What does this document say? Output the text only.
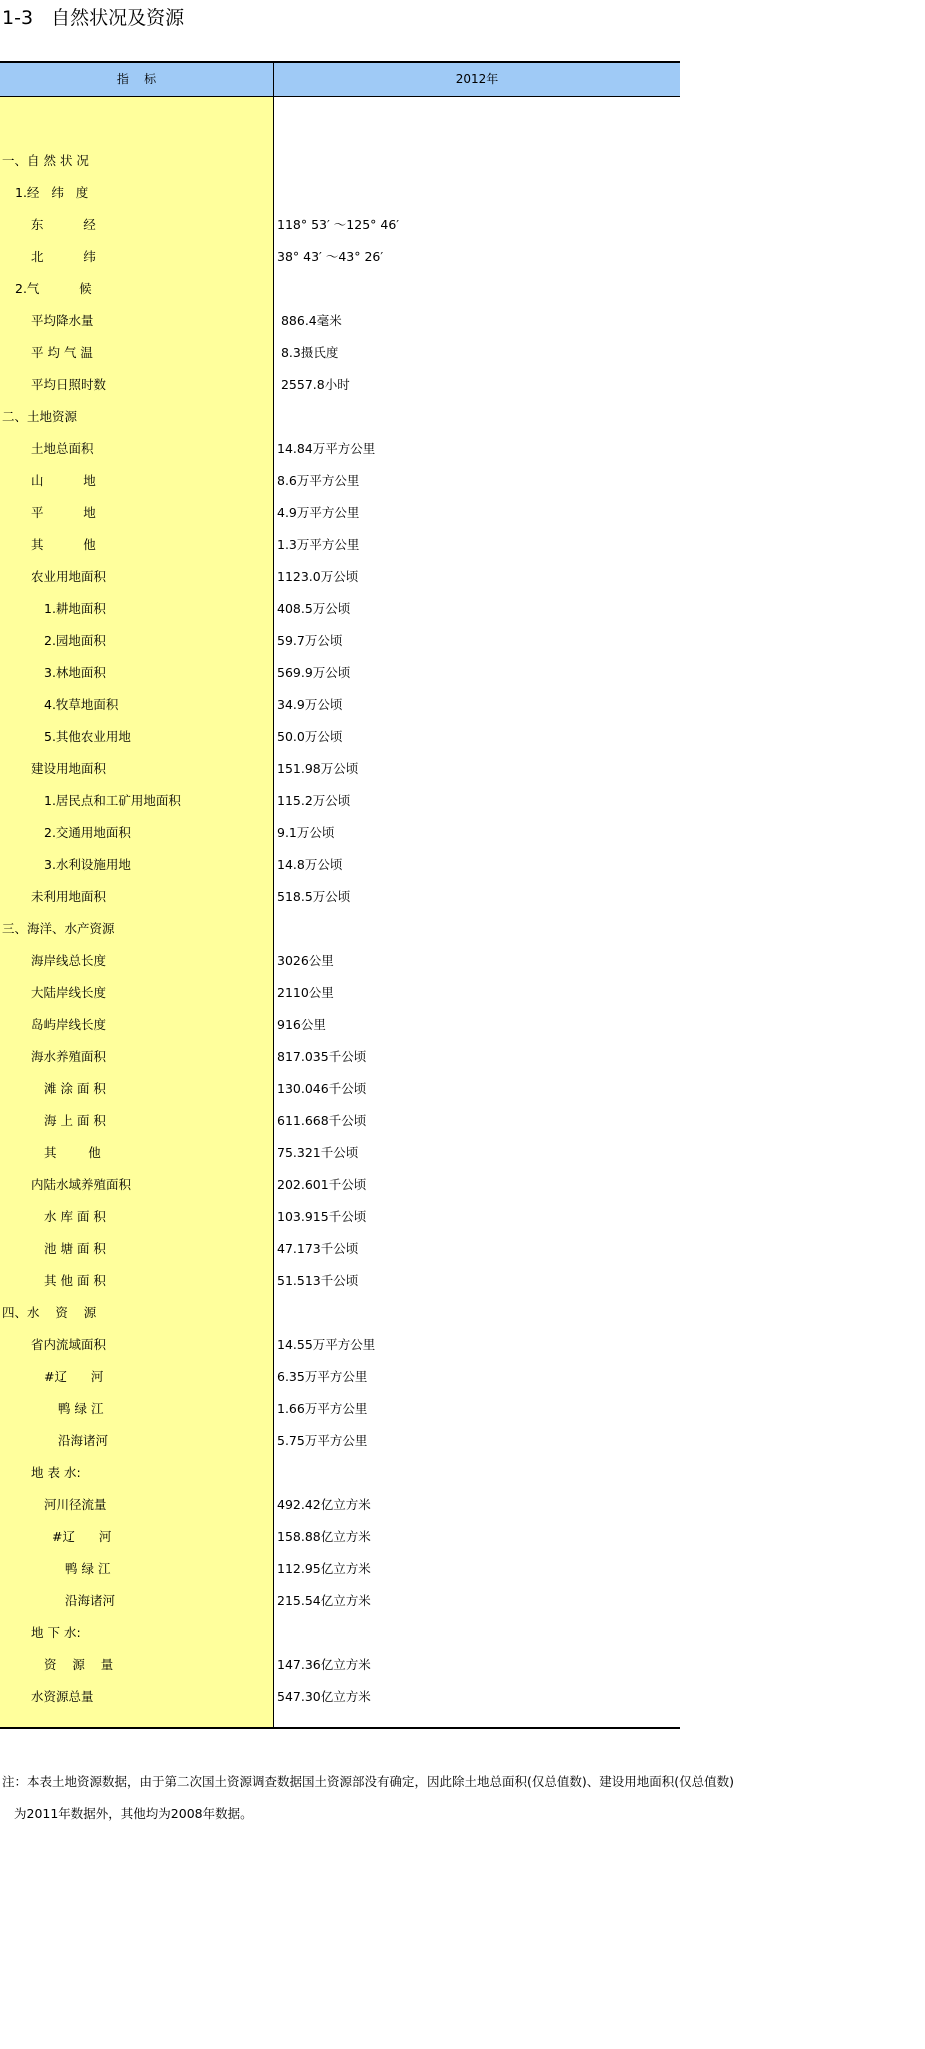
1-3   自然状况及资源
指    标	2012年
一、自 然 状 况
1.经   纬   度
东          经	118° 53′ ～125° 46′
北          纬	38° 43′ ～43° 26′
2.气          候
平均降水量	886.4毫米
平 均 气 温	8.3摄氏度
平均日照时数	2557.8小时
二、土地资源
土地总面积	14.84万平方公里
山          地	8.6万平方公里
平          地	4.9万平方公里
其          他	1.3万平方公里
农业用地面积	1123.0万公顷
1.耕地面积	408.5万公顷
2.园地面积	59.7万公顷
3.林地面积	569.9万公顷
4.牧草地面积	34.9万公顷
5.其他农业用地	50.0万公顷
建设用地面积	151.98万公顷
1.居民点和工矿用地面积	115.2万公顷
2.交通用地面积	9.1万公顷
3.水利设施用地	14.8万公顷
未利用地面积	518.5万公顷
三、海洋、水产资源
海岸线总长度	3026公里
大陆岸线长度	2110公里
岛屿岸线长度	916公里
海水养殖面积	817.035千公顷
滩 涂 面 积	130.046千公顷
海 上 面 积	611.668千公顷
其        他	75.321千公顷
内陆水域养殖面积	202.601千公顷
水 库 面 积	103.915千公顷
池 塘 面 积	47.173千公顷
其 他 面 积	51.513千公顷
四、水    资    源
省内流域面积	14.55万平方公里
#辽      河	6.35万平方公里
鸭 绿 江	1.66万平方公里
沿海诸河	5.75万平方公里
地 表 水:
河川径流量	492.42亿立方米
#辽      河	158.88亿立方米
鸭 绿 江	112.95亿立方米
沿海诸河	215.54亿立方米
地 下 水:
资    源    量	147.36亿立方米
水资源总量	547.30亿立方米
注：本表土地资源数据，由于第二次国土资源调查数据国土资源部没有确定，因此除土地总面积(仅总值数)、建设用地面积(仅总值数)
为2011年数据外，其他均为2008年数据。
